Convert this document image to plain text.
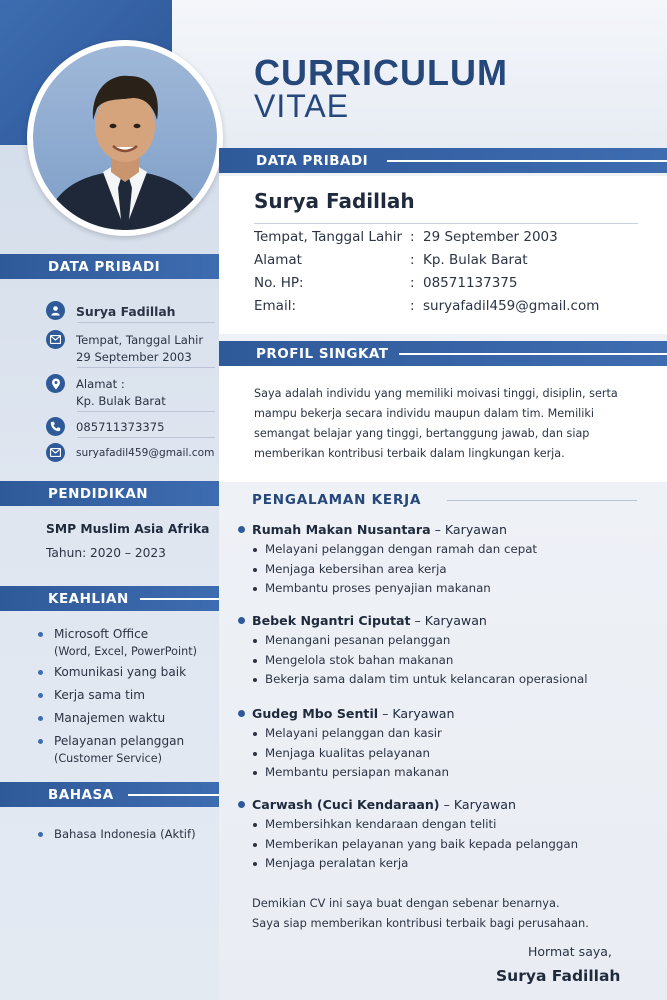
CURRICULUM
VITAE
DATA PRIBADI
Surya Fadillah
Tempat, Tanggal Lahir : 29 September 2003
Alamat	: Kp. Bulak Barat
No. HP:	: 08571137375
Email:	: suryafadil459@gmail.com
PROFIL SINGKAT
Saya adalah individu yang memiliki moivasi tinggi, disiplin, serta
mampu bekerja secara individu maupun dalam tim. Memiliki
semangat belajar yang tinggi, bertanggung jawab, dan siap
memberikan kontribusi terbaik dalam lingkungan kerja.
PENGALAMAN KERJA
Rumah Makan Nusantara – Karyawan
Melayani pelanggan dengan ramah dan cepat
Menjaga kebersihan area kerja
Membantu proses penyajian makanan
Bebek Ngantri Ciputat – Karyawan
Menangani pesanan pelanggan
Mengelola stok bahan makanan
Bekerja sama dalam tim untuk kelancaran operasional
Gudeg Mbo Sentil – Karyawan
Melayani pelanggan dan kasir
Menjaga kualitas pelayanan
Membantu persiapan makanan
Carwash (Cuci Kendaraan) – Karyawan
Membersihkan kendaraan dengan teliti
Memberikan pelayanan yang baik kepada pelanggan
Menjaga peralatan kerja
Demikian CV ini saya buat dengan sebenar benarnya.
Saya siap memberikan kontribusi terbaik bagi perusahaan.
Hormat saya,
Surya Fadillah
DATA PRIBADI
Surya Fadillah
Tempat, Tanggal Lahir
29 September 2003
Alamat :
Kp. Bulak Barat
085711373375
suryafadil459@gmail.com
PENDIDIKAN
SMP Muslim Asia Afrika
Tahun: 2020 – 2023
KEAHLIAN
Microsoft Office
(Word, Excel, PowerPoint)
Komunikasi yang baik
Kerja sama tim
Manajemen waktu
Pelayanan pelanggan
(Customer Service)
BAHASA
Bahasa Indonesia (Aktif)
